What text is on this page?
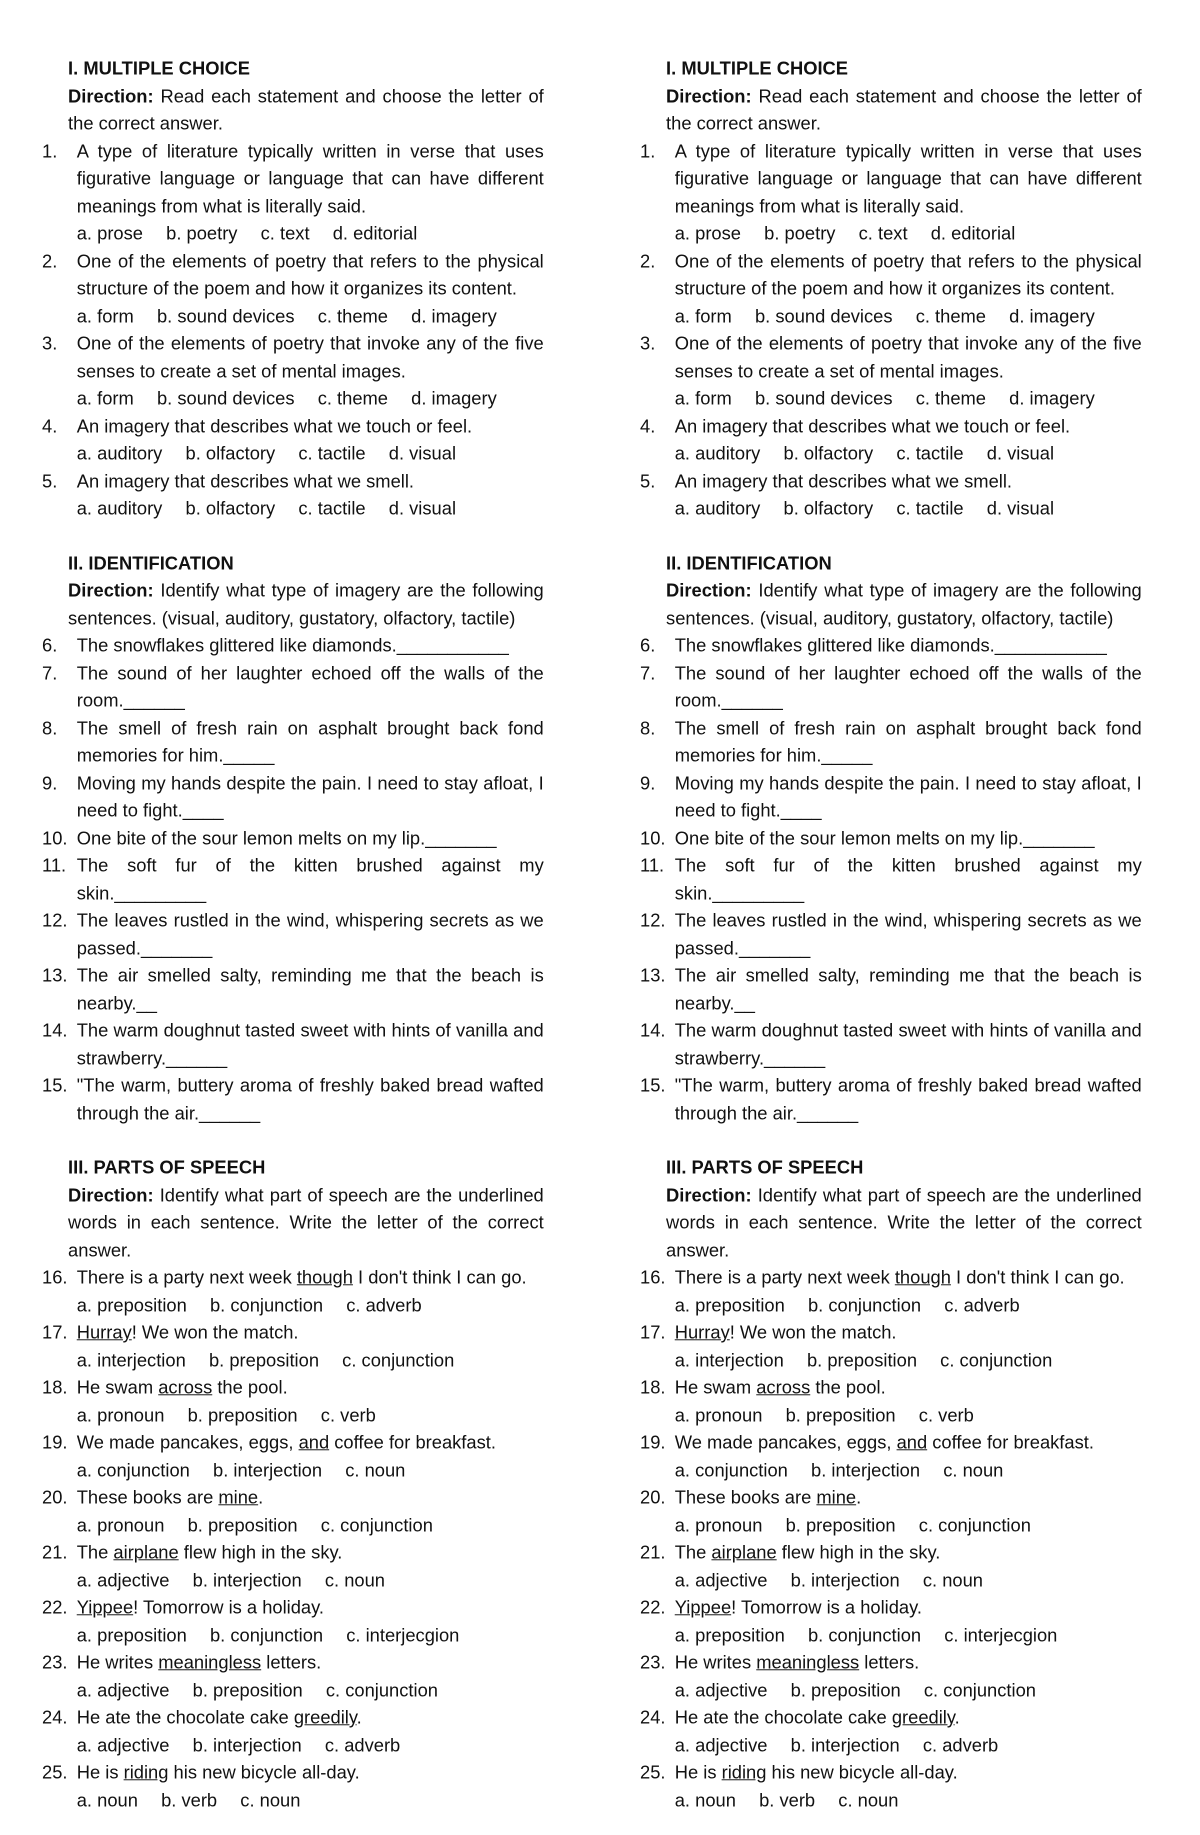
I. MULTIPLE CHOICE
Direction: Read each statement and choose the letter of the correct answer.
1.	A type of literature typically written in verse that uses figurative language or language that can have different meanings from what is literally said.
a. prose b. poetry c. text d. editorial
2.	One of the elements of poetry that refers to the physical structure of the poem and how it organizes its content.
a. form b. sound devices c. theme d. imagery
3.	One of the elements of poetry that invoke any of the five senses to create a set of mental images.
a. form b. sound devices c. theme d. imagery
4.	An imagery that describes what we touch or feel.
a. auditory b. olfactory c. tactile d. visual
5.	An imagery that describes what we smell.
a. auditory b. olfactory c. tactile d. visual
II. IDENTIFICATION
Direction: Identify what type of imagery are the following sentences. (visual, auditory, gustatory, olfactory, tactile)
6.	The snowflakes glittered like diamonds.___________
7.	The sound of her laughter echoed off the walls of the room.______
8.	The smell of fresh rain on asphalt brought back fond memories for him._____
9.	Moving my hands despite the pain. I need to stay afloat, I need to fight.____
10. One bite of the sour lemon melts on my lip._______
11. The soft fur of the kitten brushed against my skin._________
12. The leaves rustled in the wind, whispering secrets as we passed._______
13. The air smelled salty, reminding me that the beach is nearby.__
14. The warm doughnut tasted sweet with hints of vanilla and strawberry.______
15. "The warm, buttery aroma of freshly baked bread wafted through the air.______
III. PARTS OF SPEECH
Direction: Identify what part of speech are the underlined words in each sentence. Write the letter of the correct answer.
16. There is a party next week though I don't think I can go.
a. preposition b. conjunction c. adverb
17. Hurray! We won the match.
a. interjection b. preposition c. conjunction
18. He swam across the pool.
a. pronoun b. preposition c. verb
19. We made pancakes, eggs, and coffee for breakfast.
a. conjunction b. interjection c. noun
20. These books are mine.
a. pronoun b. preposition c. conjunction
21. The airplane flew high in the sky.
a. adjective b. interjection c. noun
22. Yippee! Tomorrow is a holiday.
a. preposition b. conjunction c. interjecgion
23. He writes meaningless letters.
a. adjective b. preposition c. conjunction
24. He ate the chocolate cake greedily.
a. adjective b. interjection c. adverb
25. He is riding his new bicycle all-day.
a. noun b. verb c. noun
I. MULTIPLE CHOICE
Direction: Read each statement and choose the letter of the correct answer.
1.	A type of literature typically written in verse that uses figurative language or language that can have different meanings from what is literally said.
a. prose b. poetry c. text d. editorial
2.	One of the elements of poetry that refers to the physical structure of the poem and how it organizes its content.
a. form b. sound devices c. theme d. imagery
3.	One of the elements of poetry that invoke any of the five senses to create a set of mental images.
a. form b. sound devices c. theme d. imagery
4.	An imagery that describes what we touch or feel.
a. auditory b. olfactory c. tactile d. visual
5.	An imagery that describes what we smell.
a. auditory b. olfactory c. tactile d. visual
II. IDENTIFICATION
Direction: Identify what type of imagery are the following sentences. (visual, auditory, gustatory, olfactory, tactile)
6.	The snowflakes glittered like diamonds.___________
7.	The sound of her laughter echoed off the walls of the room.______
8.	The smell of fresh rain on asphalt brought back fond memories for him._____
9.	Moving my hands despite the pain. I need to stay afloat, I need to fight.____
10. One bite of the sour lemon melts on my lip._______
11. The soft fur of the kitten brushed against my skin._________
12. The leaves rustled in the wind, whispering secrets as we passed._______
13. The air smelled salty, reminding me that the beach is nearby.__
14. The warm doughnut tasted sweet with hints of vanilla and strawberry.______
15. "The warm, buttery aroma of freshly baked bread wafted through the air.______
III. PARTS OF SPEECH
Direction: Identify what part of speech are the underlined words in each sentence. Write the letter of the correct answer.
16. There is a party next week though I don't think I can go.
a. preposition b. conjunction c. adverb
17. Hurray! We won the match.
a. interjection b. preposition c. conjunction
18. He swam across the pool.
a. pronoun b. preposition c. verb
19. We made pancakes, eggs, and coffee for breakfast.
a. conjunction b. interjection c. noun
20. These books are mine.
a. pronoun b. preposition c. conjunction
21. The airplane flew high in the sky.
a. adjective b. interjection c. noun
22. Yippee! Tomorrow is a holiday.
a. preposition b. conjunction c. interjecgion
23. He writes meaningless letters.
a. adjective b. preposition c. conjunction
24. He ate the chocolate cake greedily.
a. adjective b. interjection c. adverb
25. He is riding his new bicycle all-day.
a. noun b. verb c. noun
